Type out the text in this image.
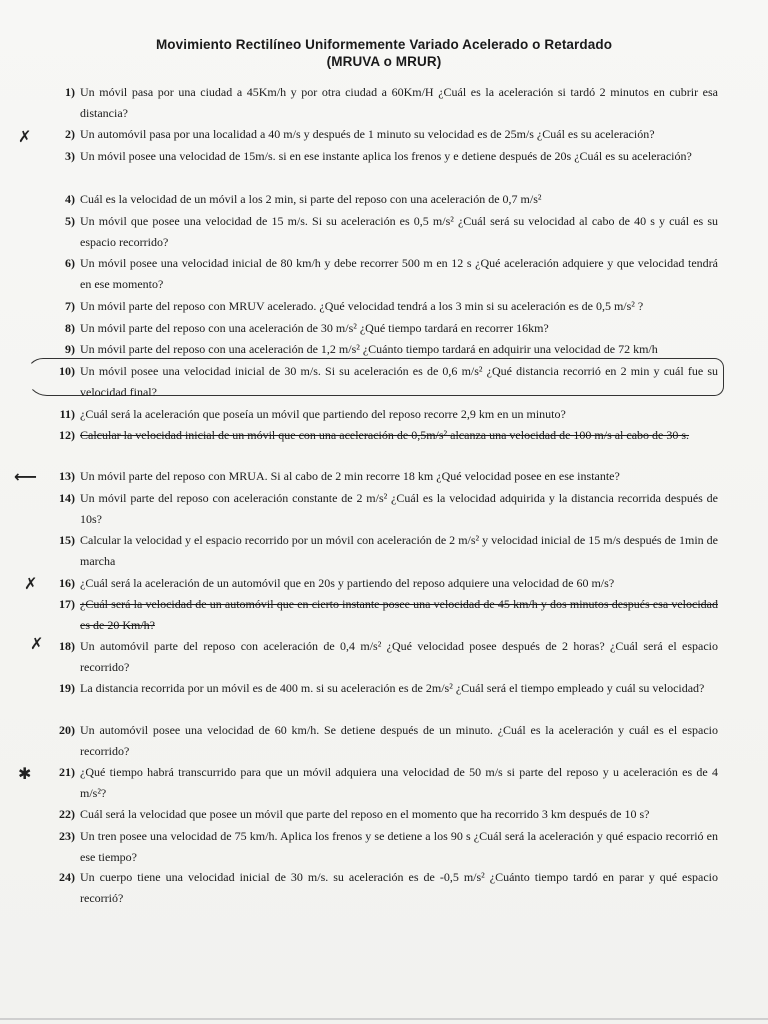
Movimiento Rectilíneo Uniformemente Variado Acelerado o Retardado
(MRUVA o MRUR)
✗
⟵
✗
✗
✱
1) Un móvil pasa por una ciudad a 45Km/h y por otra ciudad a 60Km/H ¿Cuál es la aceleración si tardó 2 minutos en cubrir esa distancia?
2) Un automóvil pasa por una localidad a 40 m/s y después de 1 minuto su velocidad es de 25m/s ¿Cuál es su aceleración?
3) Un móvil posee una velocidad de 15m/s. si en ese instante aplica los frenos y e detiene después de 20s ¿Cuál es su aceleración?
4) Cuál es la velocidad de un móvil a los 2 min, si parte del reposo con una aceleración de 0,7 m/s²
5) Un móvil que posee una velocidad de 15 m/s. Si su aceleración es 0,5 m/s² ¿Cuál será su velocidad al cabo de 40 s y cuál es su espacio recorrido?
6) Un móvil posee una velocidad inicial de 80 km/h y debe recorrer 500 m en 12 s ¿Qué aceleración adquiere y que velocidad tendrá en ese momento?
7) Un móvil parte del reposo con MRUV acelerado. ¿Qué velocidad tendrá a los 3 min si su aceleración es de 0,5 m/s² ?
8) Un móvil parte del reposo con una aceleración de 30 m/s² ¿Qué tiempo tardará en recorrer 16km?
9) Un móvil parte del reposo con una aceleración de 1,2 m/s² ¿Cuánto tiempo tardará en adquirir una velocidad de 72 km/h
10) Un móvil posee una velocidad inicial de 30 m/s. Si su aceleración es de 0,6 m/s² ¿Qué distancia recorrió en 2 min y cuál fue su velocidad final?
11) ¿Cuál será la aceleración que poseía un móvil que partiendo del reposo recorre 2,9 km en un minuto?
12) Calcular la velocidad inicial de un móvil que con una aceleración de 0,5m/s² alcanza una velocidad de 100 m/s al cabo de 30 s.
13) Un móvil parte del reposo con MRUA. Si al cabo de 2 min recorre 18 km ¿Qué velocidad posee en ese instante?
14) Un móvil parte del reposo con aceleración constante de 2 m/s² ¿Cuál es la velocidad adquirida y la distancia recorrida después de 10s?
15) Calcular la velocidad y el espacio recorrido por un móvil con aceleración de 2 m/s² y velocidad inicial de 15 m/s después de 1min de marcha
16) ¿Cuál será la aceleración de un automóvil que en 20s y partiendo del reposo adquiere una velocidad de 60 m/s?
17) ¿Cuál será la velocidad de un automóvil que en cierto instante posee una velocidad de 45 km/h y dos minutos después esa velocidad es de 20 Km/h?
18) Un automóvil parte del reposo con aceleración de 0,4 m/s² ¿Qué velocidad posee después de 2 horas? ¿Cuál será el espacio recorrido?
19) La distancia recorrida por un móvil es de 400 m. si su aceleración es de 2m/s² ¿Cuál será el tiempo empleado y cuál su velocidad?
20) Un automóvil posee una velocidad de 60 km/h. Se detiene después de un minuto. ¿Cuál es la aceleración y cuál es el espacio recorrido?
21) ¿Qué tiempo habrá transcurrido para que un móvil adquiera una velocidad de 50 m/s si parte del reposo y u aceleración es de 4 m/s²?
22) Cuál será la velocidad que posee un móvil que parte del reposo en el momento que ha recorrido 3 km después de 10 s?
23) Un tren posee una velocidad de 75 km/h. Aplica los frenos y se detiene a los 90 s ¿Cuál será la aceleración y qué espacio recorrió en ese tiempo?
24) Un cuerpo tiene una velocidad inicial de 30 m/s. su aceleración es de -0,5 m/s² ¿Cuánto tiempo tardó en parar y qué espacio recorrió?
